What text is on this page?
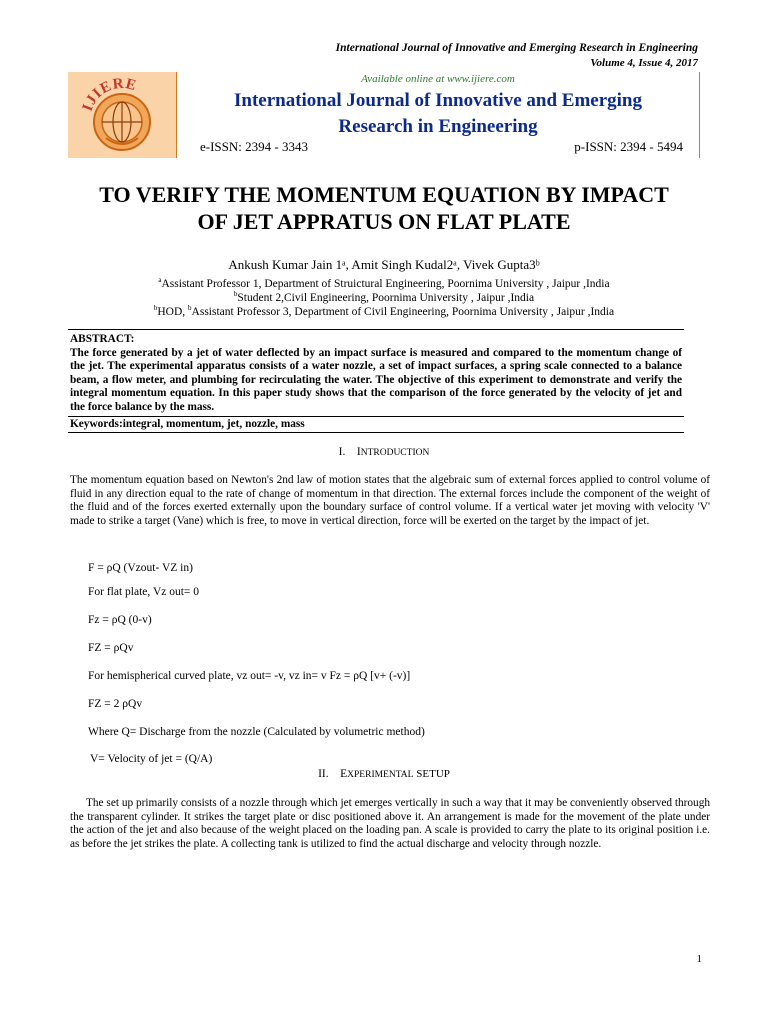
International Journal of Innovative and Emerging Research in Engineering
Volume 4, Issue 4, 2017
IJIERE	Available online at www.ijiere.com
International Journal of Innovative and Emerging
Research in Engineering
e-ISSN: 2394 - 3343	p-ISSN: 2394 - 5494
TO VERIFY THE MOMENTUM EQUATION BY IMPACT
OF JET APPRATUS ON FLAT PLATE
Ankush Kumar Jain 1ᵃ, Amit Singh Kudal2ᵃ, Vivek Gupta3ᵇ
$^a$Assistant Professor 1, Department of Struictural Engineering, Poornima University , Jaipur ,India
$^b$Student 2,Civil Engineering, Poornima University , Jaipur ,India
$^b$HOD, $^b$Assistant Professor 3, Department of Civil Engineering, Poornima University , Jaipur ,India
ABSTRACT:
The force generated by a jet of water deflected by an impact surface is measured and compared to the momentum change of the jet. The experimental apparatus consists of a water nozzle, a set of impact surfaces, a spring scale connected to a balance beam, a flow meter, and plumbing for recirculating the water. The objective of this experiment to demonstrate and verify the integral momentum equation. In this paper study shows that the comparison of the force generated by the velocity of jet and the force balance by the mass.
Keywords:integral, momentum, jet, nozzle, mass
I. INTRODUCTION
The momentum equation based on Newton's 2nd law of motion states that the algebraic sum of external forces applied to control volume of fluid in any direction equal to the rate of change of momentum in that direction. The external forces include the component of the weight of the fluid and of the forces exerted externally upon the boundary surface of control volume. If a vertical water jet moving with velocity 'V' made to strike a target (Vane) which is free, to move in vertical direction, force will be exerted on the target by the impact of jet.
F = ρQ (Vzout- VZ in)
For flat plate, Vz out= 0
Fz = ρQ (0-v)
FZ = ρQv
For hemispherical curved plate, vz out= -v, vz in= v Fz = ρQ [v+ (-v)]
FZ = 2 ρQv
Where Q= Discharge from the nozzle (Calculated by volumetric method)
V= Velocity of jet = (Q/A)
II. EXPERIMENTAL SETUP
The set up primarily consists of a nozzle through which jet emerges vertically in such a way that it may be conveniently observed through the transparent cylinder. It strikes the target plate or disc positioned above it. An arrangement is made for the movement of the plate under the action of the jet and also because of the weight placed on the loading pan. A scale is provided to carry the plate to its original position i.e. as before the jet strikes the plate. A collecting tank is utilized to find the actual discharge and velocity through nozzle.
1
